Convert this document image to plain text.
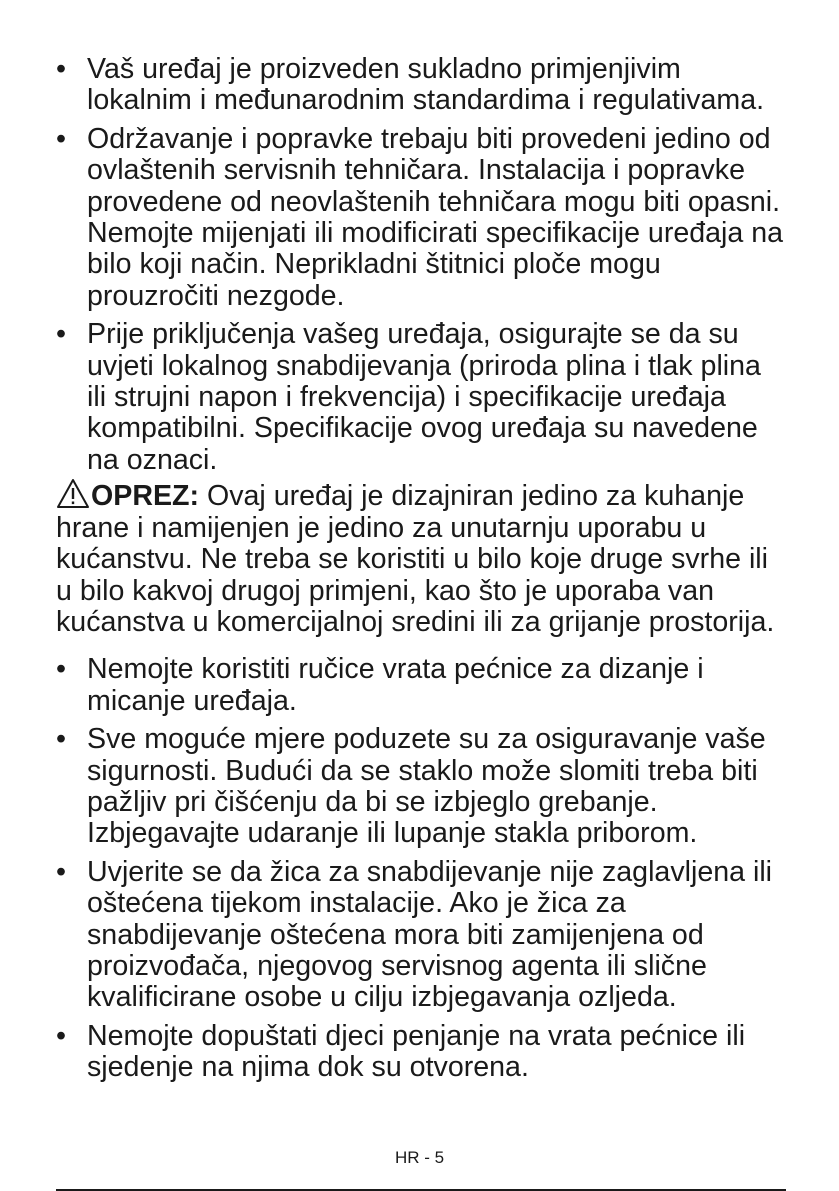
• Vaš uređaj je proizveden sukladno primjenjivim lokalnim i međunarodnim standardima i regulativama.
• Održavanje i popravke trebaju biti provedeni jedino od ovlaštenih servisnih tehničara. Instalacija i popravke provedene od neovlaštenih tehničara mogu biti opasni. Nemojte mijenjati ili modificirati specifikacije uređaja na bilo koji način. Neprikladni štitnici ploče mogu prouzročiti nezgode.
• Prije priključenja vašeg uređaja, osigurajte se da su uvjeti lokalnog snabdijevanja (priroda plina i tlak plina ili strujni napon i frekvencija) i specifikacije uređaja kompatibilni. Specifikacije ovog uređaja su navedene na oznaci.

OPREZ: Ovaj uređaj je dizajniran jedino za kuhanje hrane i namijenjen je jedino za unutarnju uporabu u kućanstvu. Ne treba se koristiti u bilo koje druge svrhe ili u bilo kakvoj drugoj primjeni, kao što je uporaba van kućanstva u komercijalnoj sredini ili za grijanje prostorija.

• Nemojte koristiti ručice vrata pećnice za dizanje i micanje uređaja.
• Sve moguće mjere poduzete su za osiguravanje vaše sigurnosti. Budući da se staklo može slomiti treba biti pažljiv pri čišćenju da bi se izbjeglo grebanje. Izbjegavajte udaranje ili lupanje stakla priborom.
• Uvjerite se da žica za snabdijevanje nije zaglavljena ili oštećena tijekom instalacije. Ako je žica za snabdijevanje oštećena mora biti zamijenjena od proizvođača, njegovog servisnog agenta ili slične kvalificirane osobe u cilju izbjegavanja ozljeda.
• Nemojte dopuštati djeci penjanje na vrata pećnice ili sjedenje na njima dok su otvorena.
HR - 5
